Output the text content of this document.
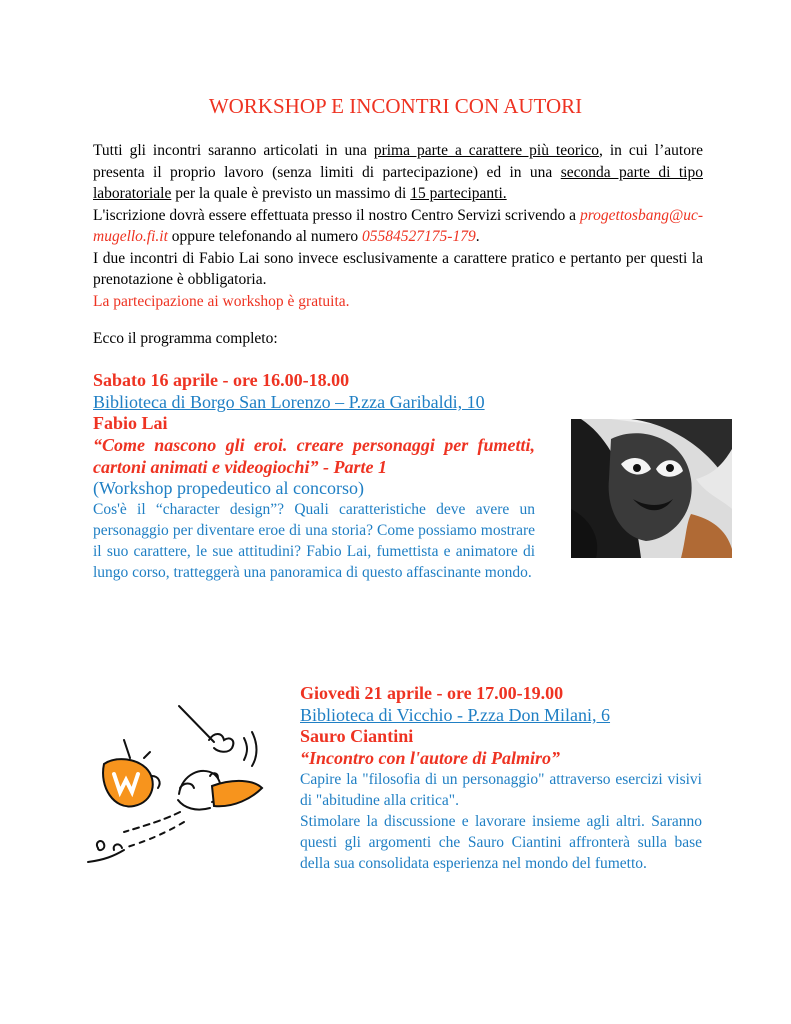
WORKSHOP E INCONTRI CON AUTORI

Tutti gli incontri saranno articolati in una prima parte a carattere più teorico, in cui l’autore presenta il proprio lavoro (senza limiti di partecipazione) ed in una seconda parte di tipo laboratoriale per la quale è previsto un massimo di 15 partecipanti.

L'iscrizione dovrà essere effettuata presso il nostro Centro Servizi scrivendo a progettosbang@uc-mugello.fi.it oppure telefonando al numero 05584527175-179.

I due incontri di Fabio Lai sono invece esclusivamente a carattere pratico e pertanto per questi la prenotazione è obbligatoria.

La partecipazione ai workshop è gratuita.

Ecco il programma completo:
Sabato 16 aprile - ore 16.00-18.00
Biblioteca di Borgo San Lorenzo – P.zza Garibaldi, 10
Fabio Lai
“Come nascono gli eroi. creare personaggi per fumetti, cartoni animati e videogiochi” - Parte 1
(Workshop propedeutico al concorso)
Cos'è il “character design”? Quali caratteristiche deve avere un personaggio per diventare eroe di una storia? Come possiamo mostrare il suo carattere, le sue attitudini? Fabio Lai, fumettista e animatore di lungo corso, tratteggerà una panoramica di questo affascinante mondo.
Giovedì 21 aprile - ore 17.00-19.00
Biblioteca di Vicchio - P.zza Don Milani, 6
Sauro Ciantini
“Incontro con l'autore di Palmiro”
Capire la "filosofia di un personaggio" attraverso esercizi visivi di "abitudine alla critica".
Stimolare la discussione e lavorare insieme agli altri. Saranno questi gli argomenti che Sauro Ciantini affronterà sulla base della sua consolidata esperienza nel mondo del fumetto.
